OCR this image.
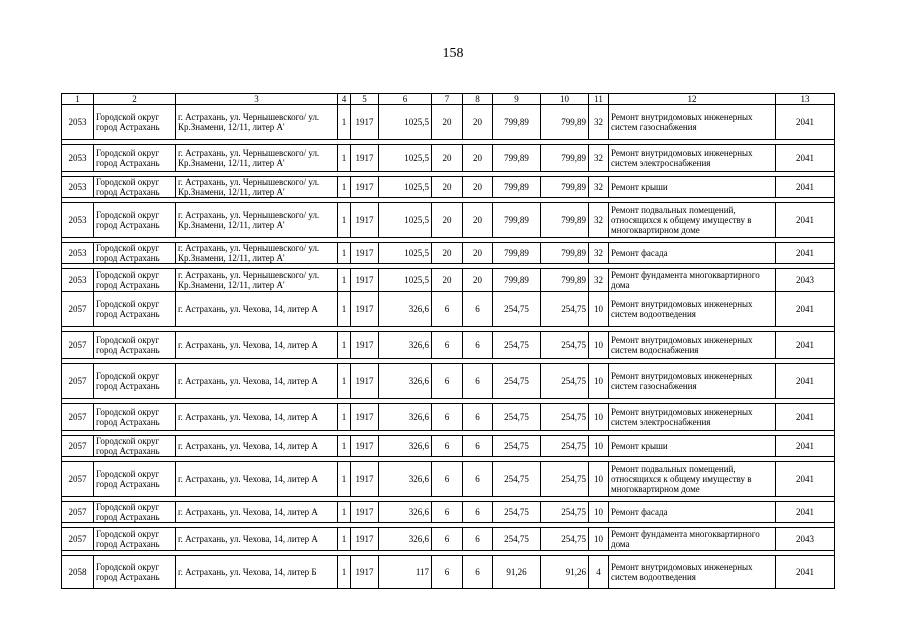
158
1	2	3	4	5	6	7	8	9	10	11	12	13
2053	Городской округ город Астрахань	г. Астрахань, ул. Чернышевского/ ул. Кр.Знамени, 12/11, литер А'	1	1917	1025,5	20	20	799,89	799,89	32	Ремонт внутридомовых инженерных систем газоснабжения	2041

2053	Городской округ город Астрахань	г. Астрахань, ул. Чернышевского/ ул. Кр.Знамени, 12/11, литер А'	1	1917	1025,5	20	20	799,89	799,89	32	Ремонт внутридомовых инженерных систем электроснабжения	2041

2053	Городской округ город Астрахань	г. Астрахань, ул. Чернышевского/ ул. Кр.Знамени, 12/11, литер А'	1	1917	1025,5	20	20	799,89	799,89	32	Ремонт крыши	2041

2053	Городской округ город Астрахань	г. Астрахань, ул. Чернышевского/ ул. Кр.Знамени, 12/11, литер А'	1	1917	1025,5	20	20	799,89	799,89	32	Ремонт подвальных помещений, относящихся к общему имуществу в многоквартирном доме	2041

2053	Городской округ город Астрахань	г. Астрахань, ул. Чернышевского/ ул. Кр.Знамени, 12/11, литер А'	1	1917	1025,5	20	20	799,89	799,89	32	Ремонт фасада	2041

2053	Городской округ город Астрахань	г. Астрахань, ул. Чернышевского/ ул. Кр.Знамени, 12/11, литер А'	1	1917	1025,5	20	20	799,89	799,89	32	Ремонт фундамента многоквартирного дома	2043
2057	Городской округ город Астрахань	г. Астрахань, ул. Чехова, 14, литер А	1	1917	326,6	6	6	254,75	254,75	10	Ремонт внутридомовых инженерных систем водоотведения	2041

2057	Городской округ город Астрахань	г. Астрахань, ул. Чехова, 14, литер А	1	1917	326,6	6	6	254,75	254,75	10	Ремонт внутридомовых инженерных систем водоснабжения	2041

2057	Городской округ город Астрахань	г. Астрахань, ул. Чехова, 14, литер А	1	1917	326,6	6	6	254,75	254,75	10	Ремонт внутридомовых инженерных систем газоснабжения	2041

2057	Городской округ город Астрахань	г. Астрахань, ул. Чехова, 14, литер А	1	1917	326,6	6	6	254,75	254,75	10	Ремонт внутридомовых инженерных систем электроснабжения	2041

2057	Городской округ город Астрахань	г. Астрахань, ул. Чехова, 14, литер А	1	1917	326,6	6	6	254,75	254,75	10	Ремонт крыши	2041

2057	Городской округ город Астрахань	г. Астрахань, ул. Чехова, 14, литер А	1	1917	326,6	6	6	254,75	254,75	10	Ремонт подвальных помещений, относящихся к общему имуществу в многоквартирном доме	2041

2057	Городской округ город Астрахань	г. Астрахань, ул. Чехова, 14, литер А	1	1917	326,6	6	6	254,75	254,75	10	Ремонт фасада	2041

2057	Городской округ город Астрахань	г. Астрахань, ул. Чехова, 14, литер А	1	1917	326,6	6	6	254,75	254,75	10	Ремонт фундамента многоквартирного дома	2043

2058	Городской округ город Астрахань	г. Астрахань, ул. Чехова, 14, литер Б	1	1917	117	6	6	91,26	91,26	4	Ремонт внутридомовых инженерных систем водоотведения	2041
